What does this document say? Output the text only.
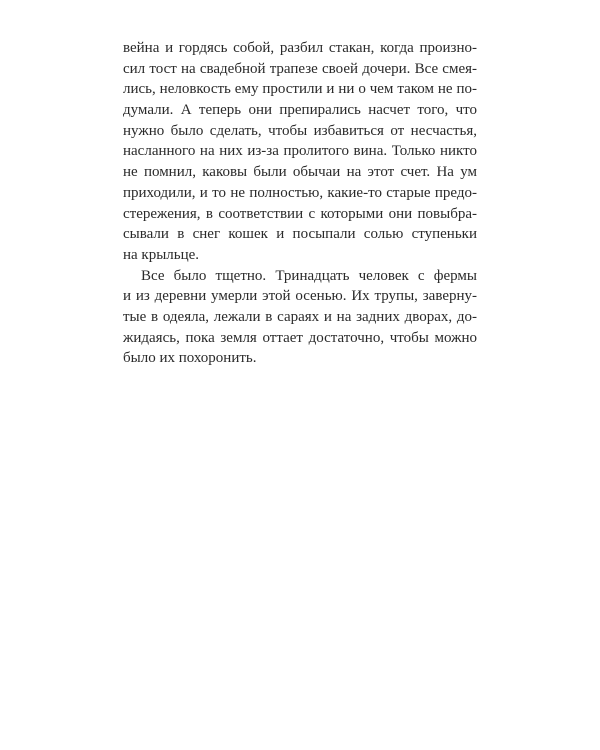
вейна и гордясь собой, разбил стакан, когда произно-
сил тост на свадебной трапезе своей дочери. Все смея-
лись, неловкость ему простили и ни о чем таком не по-
думали. А теперь они препирались насчет того, что
нужно было сделать, чтобы избавиться от несчастья,
насланного на них из-за пролитого вина. Только никто
не помнил, каковы были обычаи на этот счет. На ум
приходили, и то не полностью, какие-то старые предо-
стережения, в соответствии с которыми они повыбра-
сывали в снег кошек и посыпали солью ступеньки
на крыльце.
Все было тщетно. Тринадцать человек с фермы
и из деревни умерли этой осенью. Их трупы, заверну-
тые в одеяла, лежали в сараях и на задних дворах, до-
жидаясь, пока земля оттает достаточно, чтобы можно
было их похоронить.
